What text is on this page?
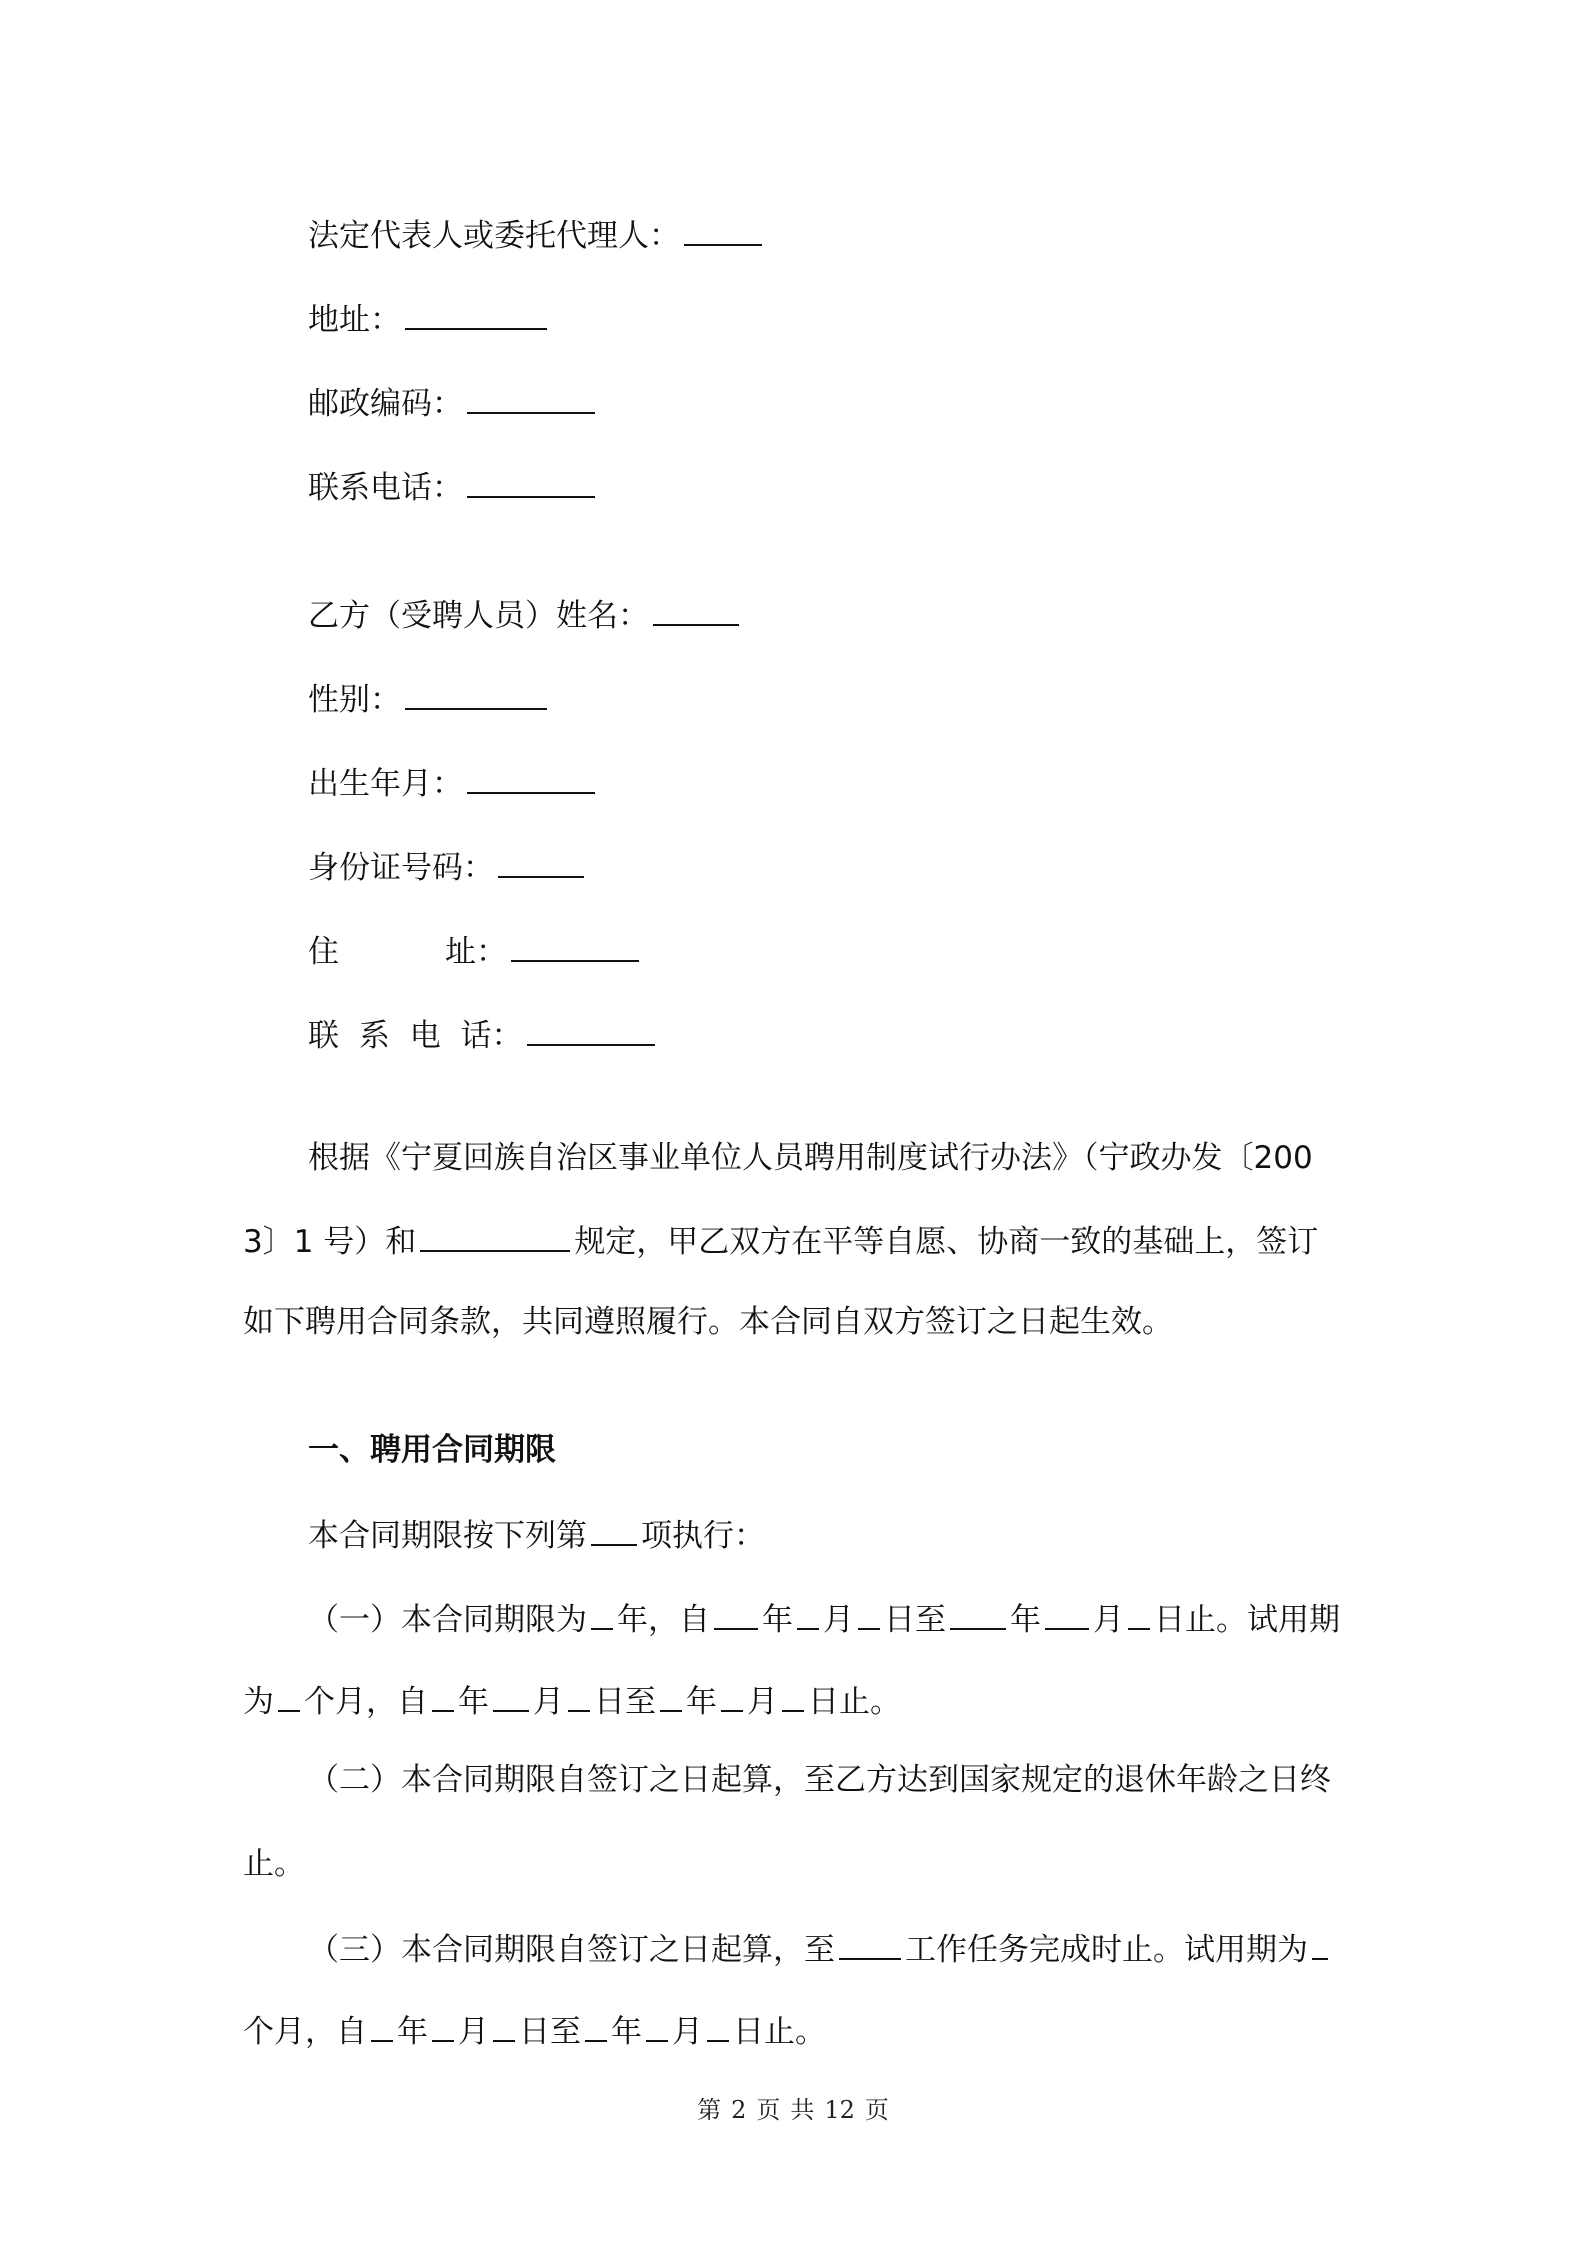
法定代表人或委托代理人：
地址：
邮政编码：
联系电话：
乙方（受聘人员）姓名：
性别：
出生年月：
身份证号码：
住	址：
联 系 电 话：
根据《宁夏回族自治区事业单位人员聘用制度试行办法》（宁政办发〔200
3〕1 号）和	规定，甲乙双方在平等自愿、协商一致的基础上，签订
如下聘用合同条款，共同遵照履行。本合同自双方签订之日起生效。
一、聘用合同期限
本合同期限按下列第 项执行：
（一）本合同期限为 年，自 年 月 日至 年 月 日止。试用期
为 个月，自 年 月 日至 年 月 日止。
（二）本合同期限自签订之日起算，至乙方达到国家规定的退休年龄之日终
止。
（三）本合同期限自签订之日起算，至 工作任务完成时止。试用期为
个月，自 年 月 日至 年 月 日止。
第 2 页 共 12 页
